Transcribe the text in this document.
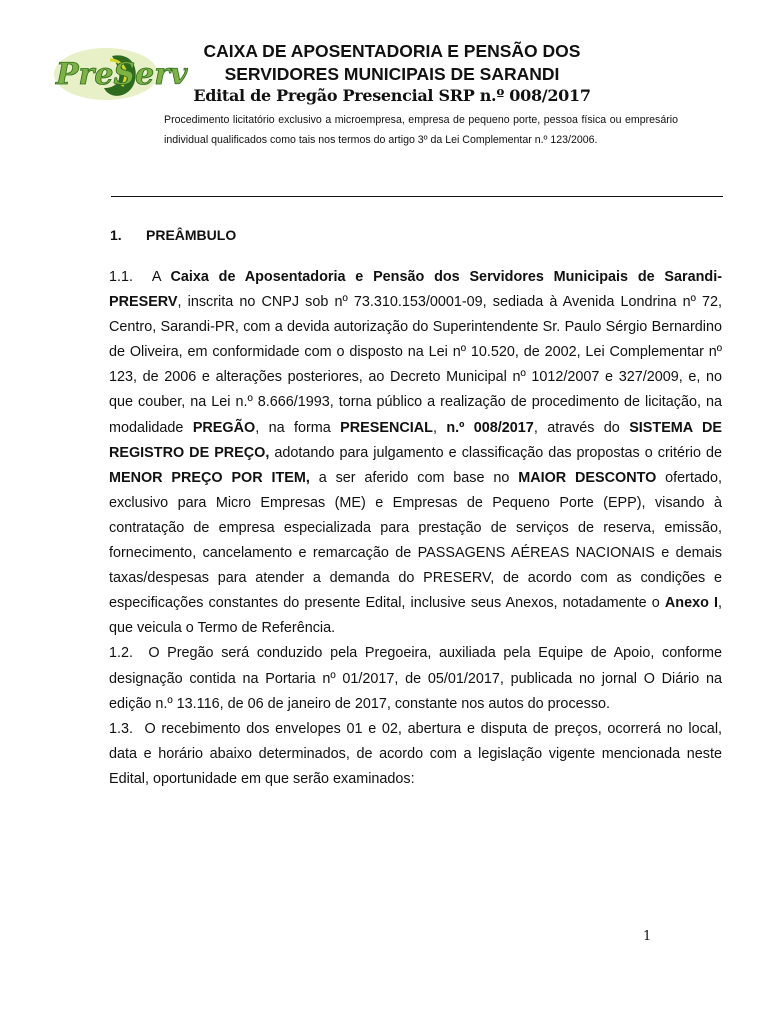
PreServ
CAIXA DE APOSENTADORIA E PENSÃO DOS
SERVIDORES MUNICIPAIS DE SARANDI
Edital de Pregão Presencial SRP n.º 008/2017
Procedimento licitatório exclusivo a microempresa, empresa de pequeno porte, pessoa física ou empresário individual qualificados como tais nos termos do artigo 3º da Lei Complementar n.º 123/2006.
1. PREÂMBULO

1.1. A Caixa de Aposentadoria e Pensão dos Servidores Municipais de Sarandi-PRESERV, inscrita no CNPJ sob nº 73.310.153/0001-09, sediada à Avenida Londrina nº 72, Centro, Sarandi-PR, com a devida autorização do Superintendente Sr. Paulo Sérgio Bernardino de Oliveira, em conformidade com o disposto na Lei nº 10.520, de 2002, Lei Complementar nº 123, de 2006 e alterações posteriores, ao Decreto Municipal nº 1012/2007 e 327/2009, e, no que couber, na Lei n.º 8.666/1993, torna público a realização de procedimento de licitação, na modalidade PREGÃO, na forma PRESENCIAL, n.º 008/2017, através do SISTEMA DE REGISTRO DE PREÇO, adotando para julgamento e classificação das propostas o critério de MENOR PREÇO POR ITEM, a ser aferido com base no MAIOR DESCONTO ofertado, exclusivo para Micro Empresas (ME) e Empresas de Pequeno Porte (EPP), visando à contratação de empresa especializada para prestação de serviços de reserva, emissão, fornecimento, cancelamento e remarcação de PASSAGENS AÉREAS NACIONAIS e demais taxas/despesas para atender a demanda do PRESERV, de acordo com as condições e especificações constantes do presente Edital, inclusive seus Anexos, notadamente o Anexo I, que veicula o Termo de Referência.

1.2. O Pregão será conduzido pela Pregoeira, auxiliada pela Equipe de Apoio, conforme designação contida na Portaria nº 01/2017, de 05/01/2017, publicada no jornal O Diário na edição n.º 13.116, de 06 de janeiro de 2017, constante nos autos do processo.

1.3. O recebimento dos envelopes 01 e 02, abertura e disputa de preços, ocorrerá no local, data e horário abaixo determinados, de acordo com a legislação vigente mencionada neste Edital, oportunidade em que serão examinados:

1
